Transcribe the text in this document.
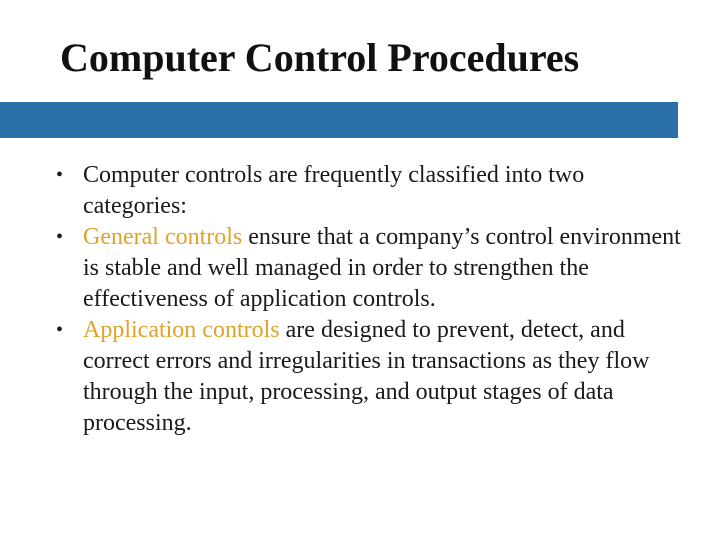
Computer Control Procedures
• Computer controls are frequently classified into two categories:
• General controls ensure that a company’s control environment is stable and well managed in order to strengthen the effectiveness of application controls.
• Application controls are designed to prevent, detect, and correct errors and irregularities in transactions as they flow through the input, processing, and output stages of data processing.
